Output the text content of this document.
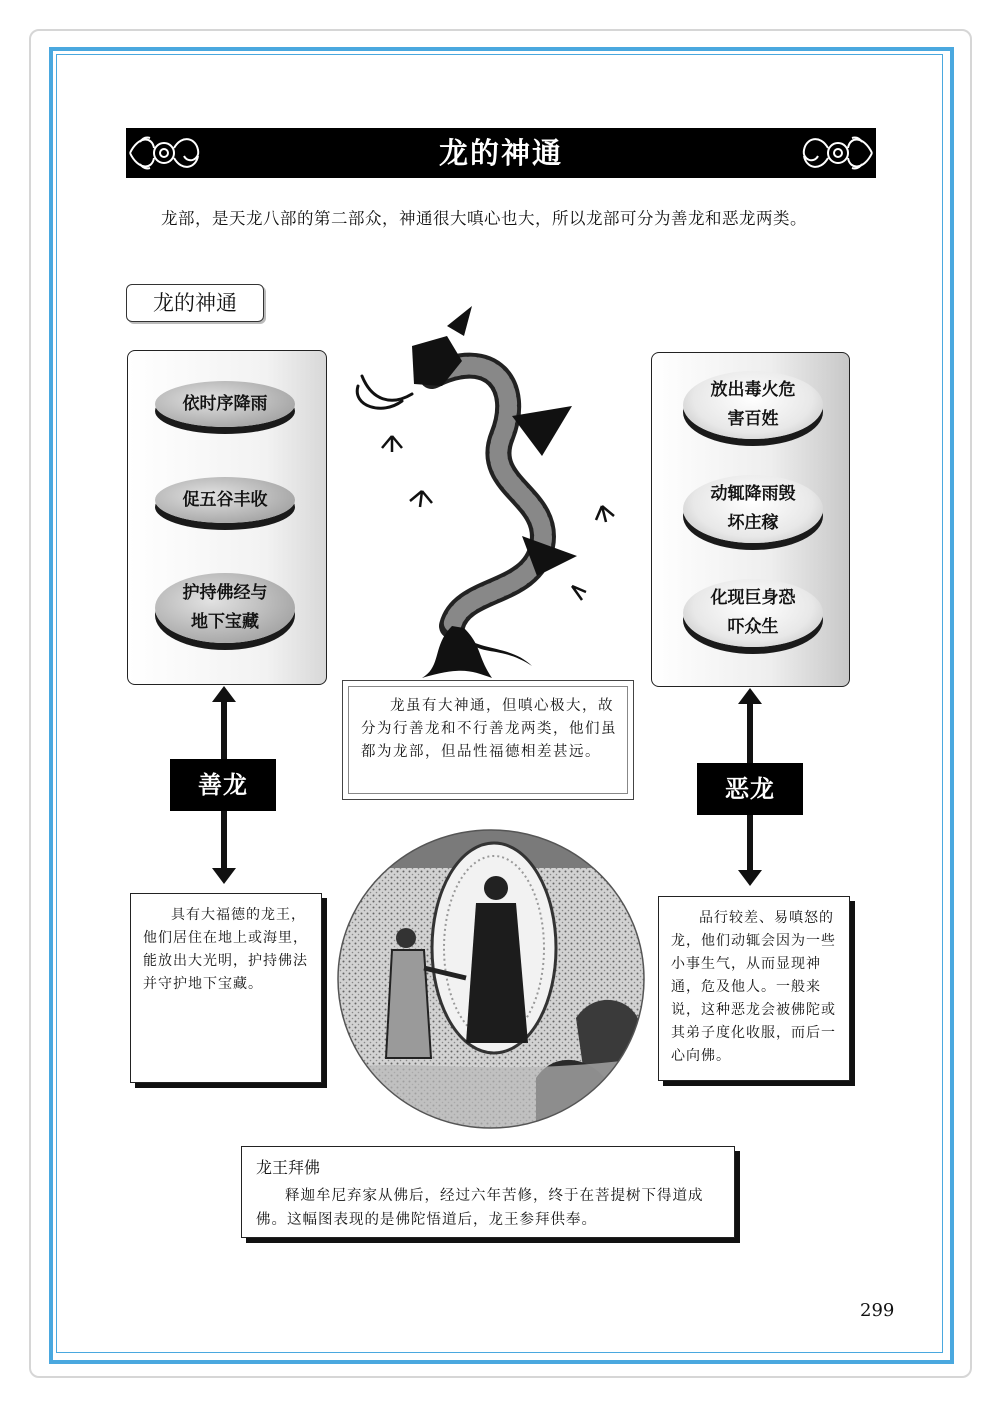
龙的神通
龙部，是天龙八部的第二部众，神通很大嗔心也大，所以龙部可分为善龙和恶龙两类。
龙的神通
依时序降雨
促五谷丰收
护持佛经与地下宝藏
放出毒火危害百姓
动辄降雨毁坏庄稼
化现巨身恐吓众生
龙虽有大神通，但嗔心极大，故分为行善龙和不行善龙两类，他们虽都为龙部，但品性福德相差甚远。
善龙	恶龙
具有大福德的龙王，他们居住在地上或海里，能放出大光明，护持佛法并守护地下宝藏。
品行较差、易嗔怒的龙，他们动辄会因为一些小事生气，从而显现神通，危及他人。一般来说，这种恶龙会被佛陀或其弟子度化收服，而后一心向佛。
龙王拜佛
释迦牟尼弃家从佛后，经过六年苦修，终于在菩提树下得道成佛。这幅图表现的是佛陀悟道后，龙王参拜供奉。
299
